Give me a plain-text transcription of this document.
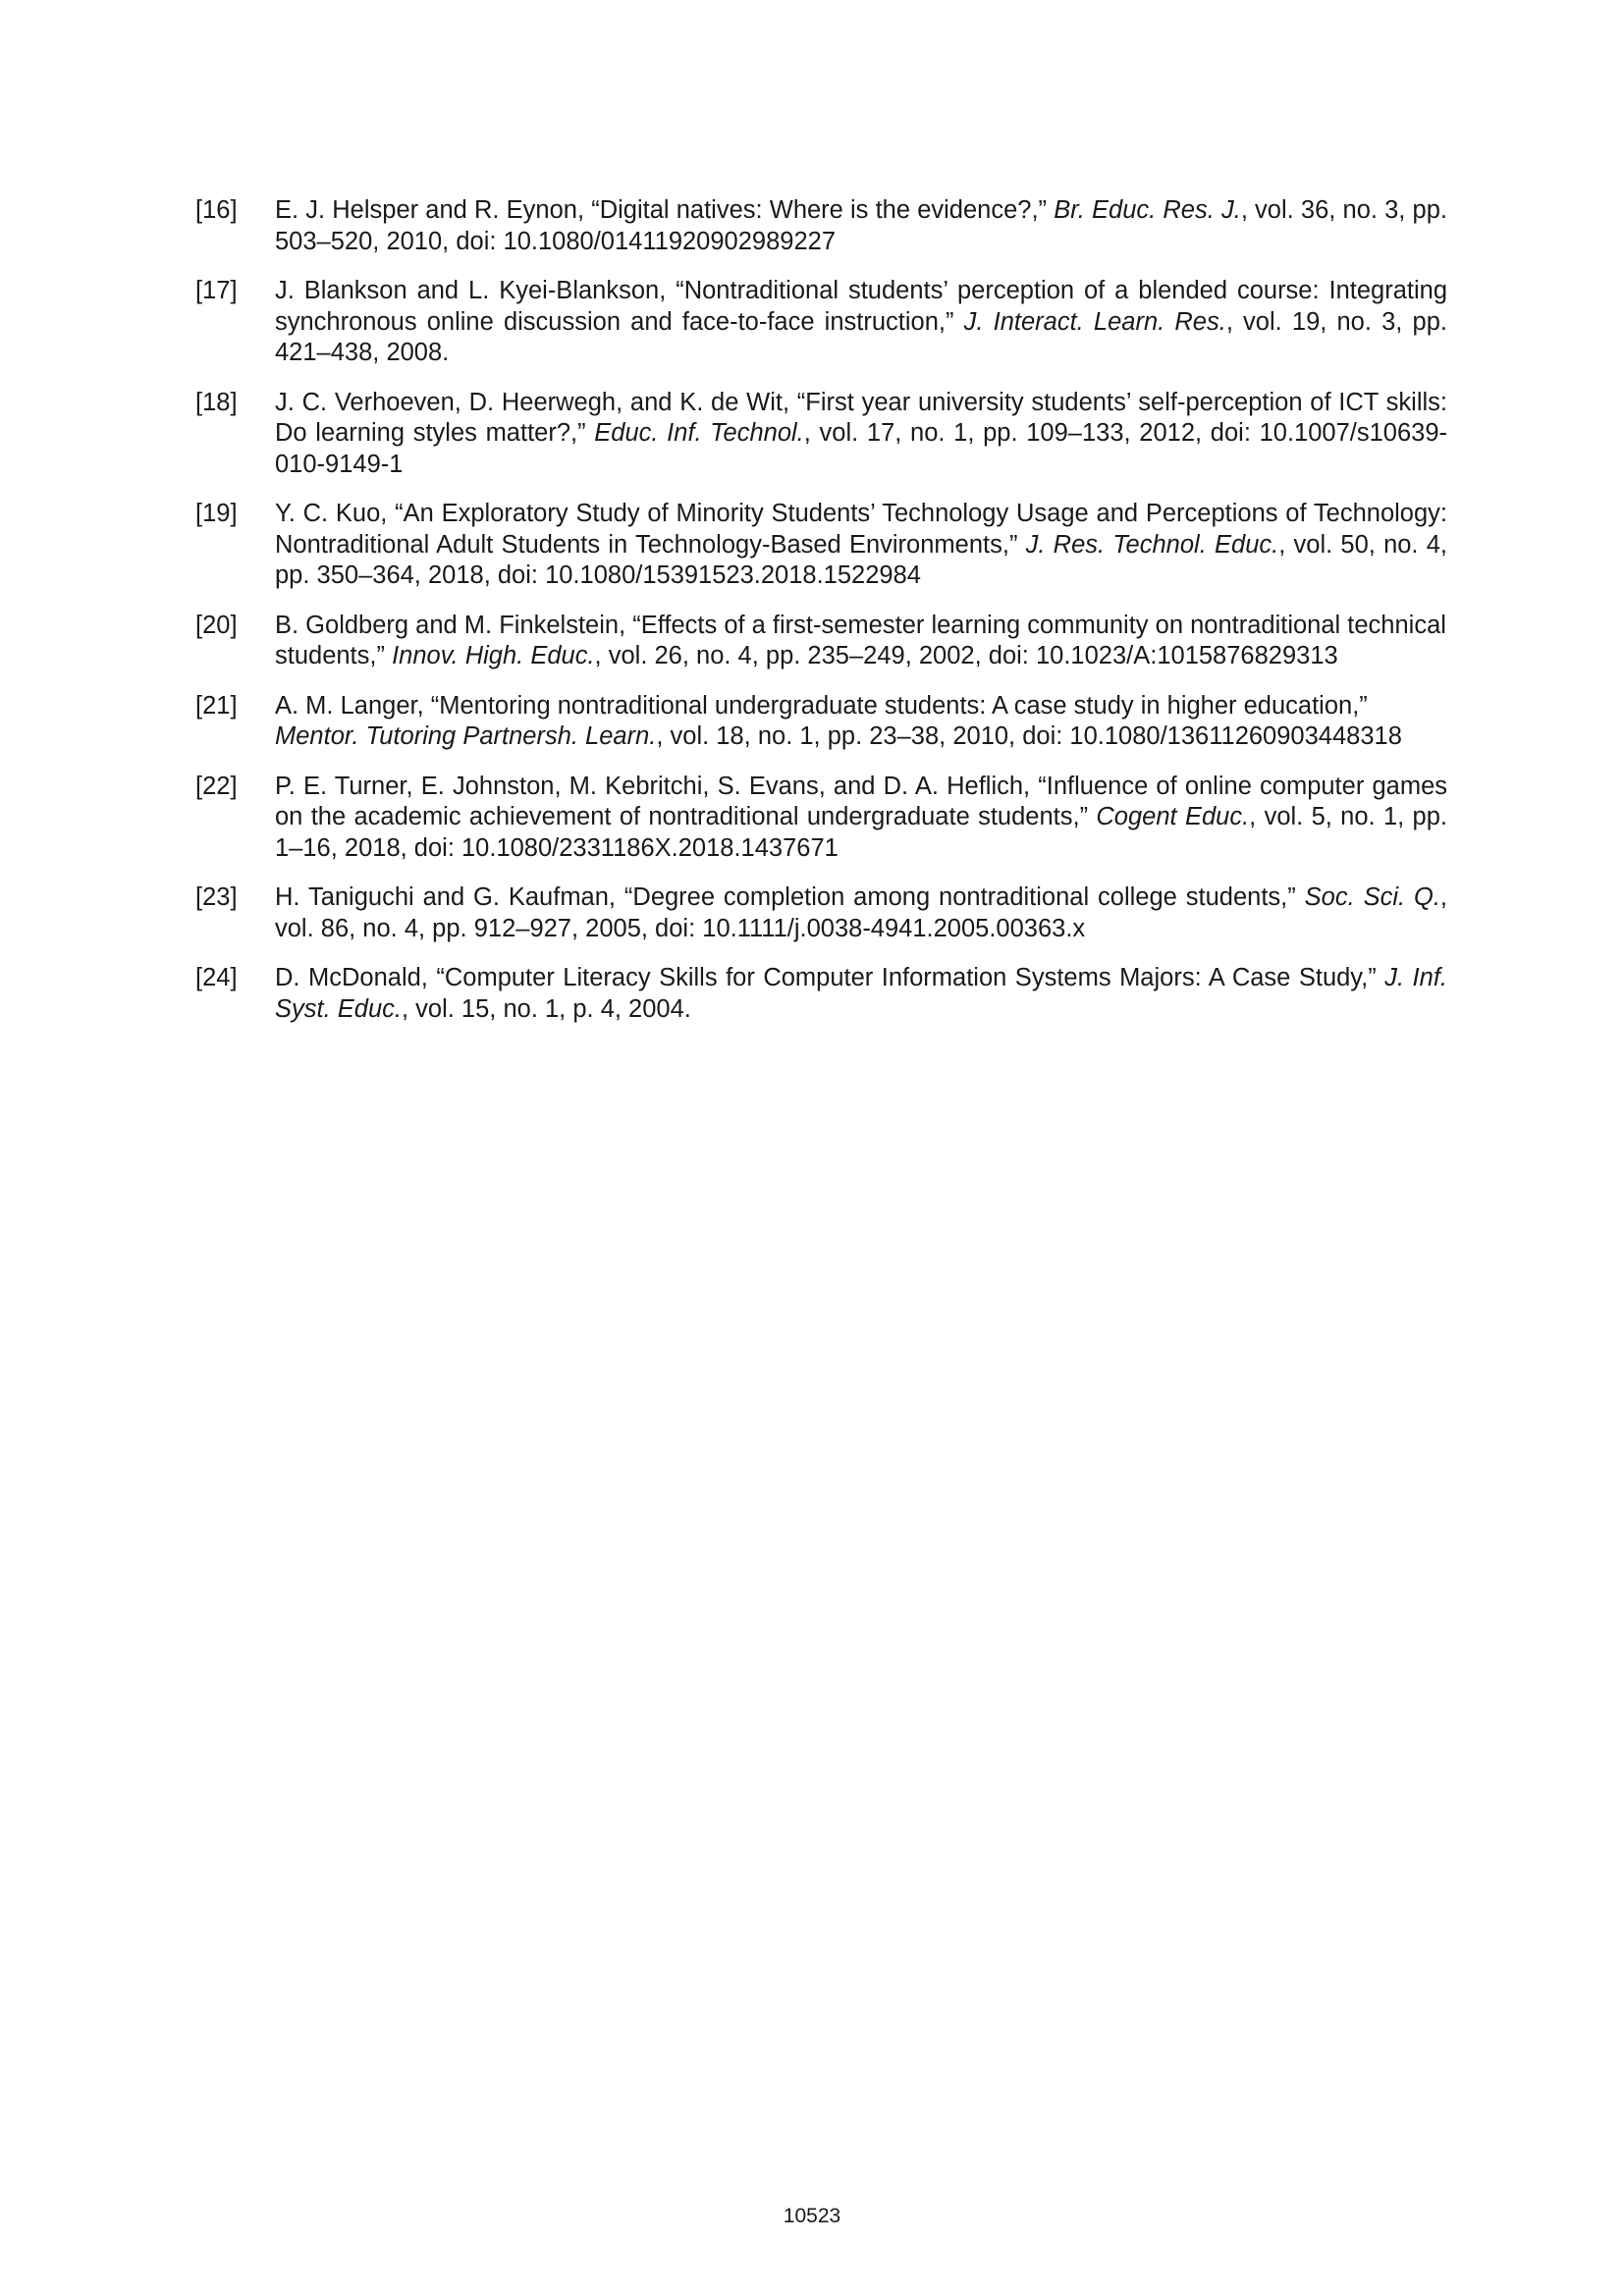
[16]	E. J. Helsper and R. Eynon, “Digital natives: Where is the evidence?,” Br. Educ. Res. J., vol. 36, no. 3, pp. 503–520, 2010, doi: 10.1080/01411920902989227
[17]	J. Blankson and L. Kyei-Blankson, “Nontraditional students’ perception of a blended course: Integrating synchronous online discussion and face-to-face instruction,” J. Interact. Learn. Res., vol. 19, no. 3, pp. 421–438, 2008.
[18]	J. C. Verhoeven, D. Heerwegh, and K. de Wit, “First year university students’ self-perception of ICT skills: Do learning styles matter?,” Educ. Inf. Technol., vol. 17, no. 1, pp. 109–133, 2012, doi: 10.1007/s10639-010-9149-1
[19]	Y. C. Kuo, “An Exploratory Study of Minority Students’ Technology Usage and Perceptions of Technology: Nontraditional Adult Students in Technology-Based Environments,” J. Res. Technol. Educ., vol. 50, no. 4, pp. 350–364, 2018, doi: 10.1080/15391523.2018.1522984
[20]	B. Goldberg and M. Finkelstein, “Effects of a first-semester learning community on nontraditional technical students,” Innov. High. Educ., vol. 26, no. 4, pp. 235–249, 2002, doi: 10.1023/A:1015876829313
[21]	A. M. Langer, “Mentoring nontraditional undergraduate students: A case study in higher education,” Mentor. Tutoring Partnersh. Learn., vol. 18, no. 1, pp. 23–38, 2010, doi: 10.1080/13611260903448318
[22]	P. E. Turner, E. Johnston, M. Kebritchi, S. Evans, and D. A. Heflich, “Influence of online computer games on the academic achievement of nontraditional undergraduate students,” Cogent Educ., vol. 5, no. 1, pp. 1–16, 2018, doi: 10.1080/2331186X.2018.1437671
[23]	H. Taniguchi and G. Kaufman, “Degree completion among nontraditional college students,” Soc. Sci. Q., vol. 86, no. 4, pp. 912–927, 2005, doi: 10.1111/j.0038-4941.2005.00363.x
[24]	D. McDonald, “Computer Literacy Skills for Computer Information Systems Majors: A Case Study,” J. Inf. Syst. Educ., vol. 15, no. 1, p. 4, 2004.
10523
